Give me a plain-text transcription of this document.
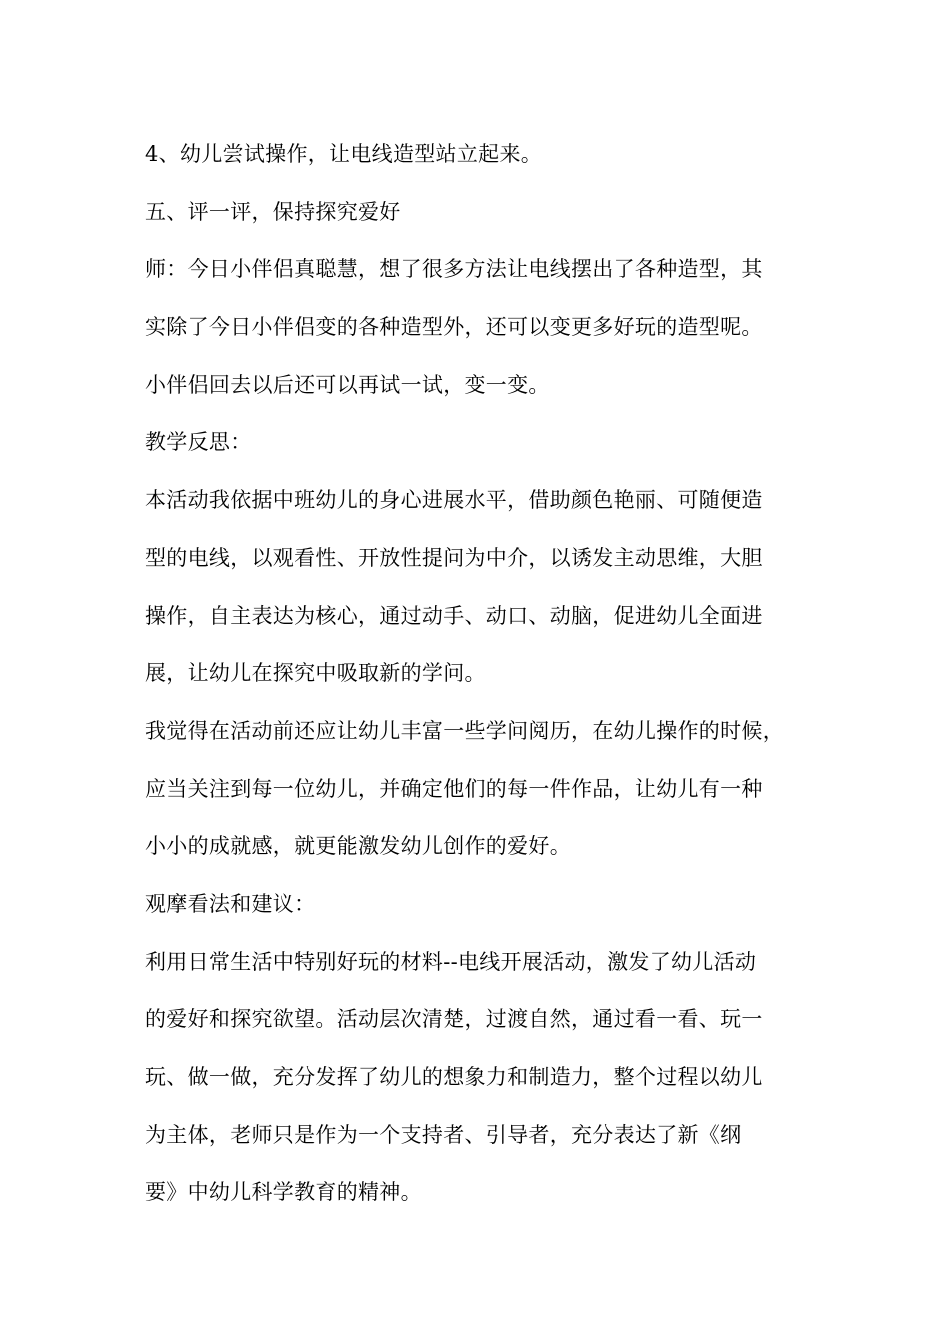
4、幼儿尝试操作，让电线造型站立起来。
五、评一评，保持探究爱好
师：今日小伴侣真聪慧，想了很多方法让电线摆出了各种造型，其
实除了今日小伴侣变的各种造型外，还可以变更多好玩的造型呢。
小伴侣回去以后还可以再试一试，变一变。
教学反思：
本活动我依据中班幼儿的身心进展水平，借助颜色艳丽、可随便造
型的电线，以观看性、开放性提问为中介，以诱发主动思维，大胆
操作，自主表达为核心，通过动手、动口、动脑，促进幼儿全面进
展，让幼儿在探究中吸取新的学问。
我觉得在活动前还应让幼儿丰富一些学问阅历，在幼儿操作的时候，
应当关注到每一位幼儿，并确定他们的每一件作品，让幼儿有一种
小小的成就感，就更能激发幼儿创作的爱好。
观摩看法和建议：
利用日常生活中特别好玩的材料--电线开展活动，激发了幼儿活动
的爱好和探究欲望。活动层次清楚，过渡自然，通过看一看、玩一
玩、做一做，充分发挥了幼儿的想象力和制造力，整个过程以幼儿
为主体，老师只是作为一个支持者、引导者，充分表达了新《纲
要》中幼儿科学教育的精神。
